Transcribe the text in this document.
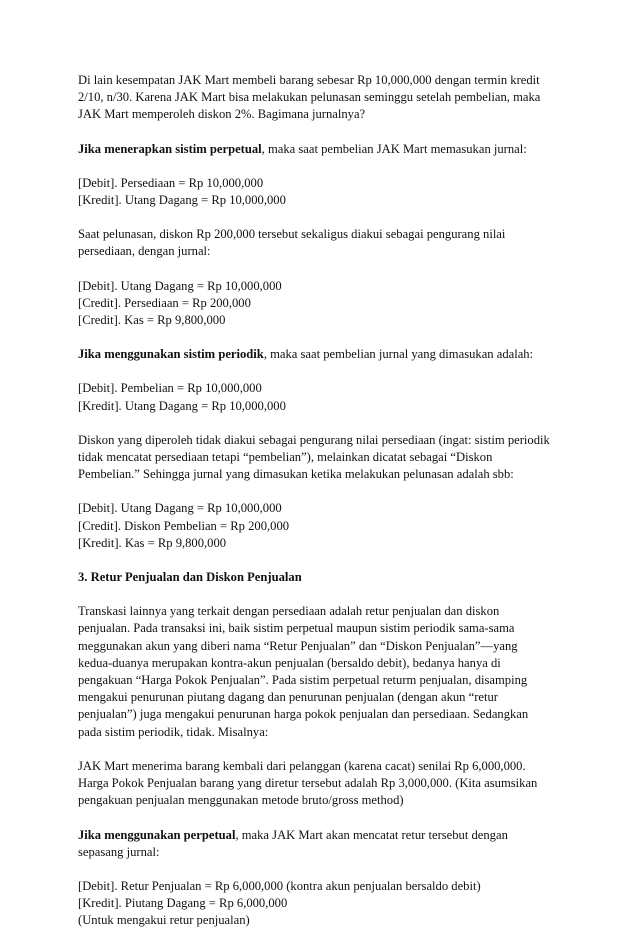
Di lain kesempatan JAK Mart membeli barang sebesar Rp 10,000,000 dengan termin kredit
2/10, n/30. Karena JAK Mart bisa melakukan pelunasan seminggu setelah pembelian, maka
JAK Mart memperoleh diskon 2%. Bagimana jurnalnya?
Jika menerapkan sistim perpetual, maka saat pembelian JAK Mart memasukan jurnal:
[Debit]. Persediaan = Rp 10,000,000
[Kredit]. Utang Dagang = Rp 10,000,000
Saat pelunasan, diskon Rp 200,000 tersebut sekaligus diakui sebagai pengurang nilai
persediaan, dengan jurnal:
[Debit]. Utang Dagang = Rp 10,000,000
[Credit]. Persediaan = Rp 200,000
[Credit]. Kas = Rp 9,800,000
Jika menggunakan sistim periodik, maka saat pembelian jurnal yang dimasukan adalah:
[Debit]. Pembelian = Rp 10,000,000
[Kredit]. Utang Dagang = Rp 10,000,000
Diskon yang diperoleh tidak diakui sebagai pengurang nilai persediaan (ingat: sistim periodik
tidak mencatat persediaan tetapi “pembelian”), melainkan dicatat sebagai “Diskon
Pembelian.” Sehingga jurnal yang dimasukan ketika melakukan pelunasan adalah sbb:
[Debit]. Utang Dagang = Rp 10,000,000
[Credit]. Diskon Pembelian = Rp 200,000
[Kredit]. Kas = Rp 9,800,000
3. Retur Penjualan dan Diskon Penjualan
Transkasi lainnya yang terkait dengan persediaan adalah retur penjualan dan diskon
penjualan. Pada transaksi ini, baik sistim perpetual maupun sistim periodik sama-sama
meggunakan akun yang diberi nama “Retur Penjualan” dan “Diskon Penjualan”—yang
kedua-duanya merupakan kontra-akun penjualan (bersaldo debit), bedanya hanya di
pengakuan “Harga Pokok Penjualan”. Pada sistim perpetual returm penjualan, disamping
mengakui penurunan piutang dagang dan penurunan penjualan (dengan akun “retur
penjualan”) juga mengakui penurunan harga pokok penjualan dan persediaan. Sedangkan
pada sistim periodik, tidak. Misalnya:
JAK Mart menerima barang kembali dari pelanggan (karena cacat) senilai Rp 6,000,000.
Harga Pokok Penjualan barang yang diretur tersebut adalah Rp 3,000,000. (Kita asumsikan
pengakuan penjualan menggunakan metode bruto/gross method)
Jika menggunakan perpetual, maka JAK Mart akan mencatat retur tersebut dengan
sepasang jurnal:
[Debit]. Retur Penjualan = Rp 6,000,000 (kontra akun penjualan bersaldo debit)
[Kredit]. Piutang Dagang = Rp 6,000,000
(Untuk mengakui retur penjualan)
